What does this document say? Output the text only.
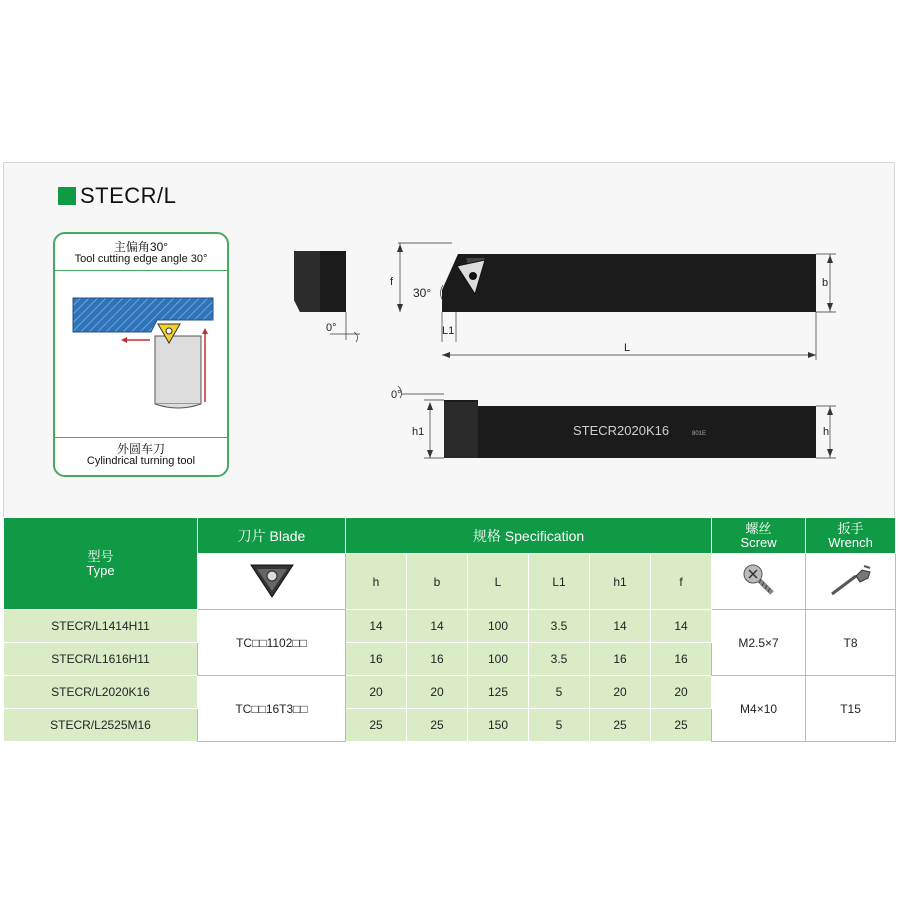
STECR/L
主偏角30°
Tool cutting edge angle 30°
外圆车刀
Cylindrical turning tool
0°
f
30°
L1
L
b
STECR2020K16	801E
0°
h1	h
型号
Type	刀片 Blade	规格 Specification						螺丝
Screw	扳手
Wrench

	h	b	L	L1	h1	f		
STECR/L1414H11	TC□□1102□□	14	14	100	3.5	14	14	M2.5×7	T8
STECR/L1616H11		16	16	100	3.5	16	16		
STECR/L2020K16	TC□□16T3□□	20	20	125	5	20	20	M4×10	T15
STECR/L2525M16		25	25	150	5	25	25		
